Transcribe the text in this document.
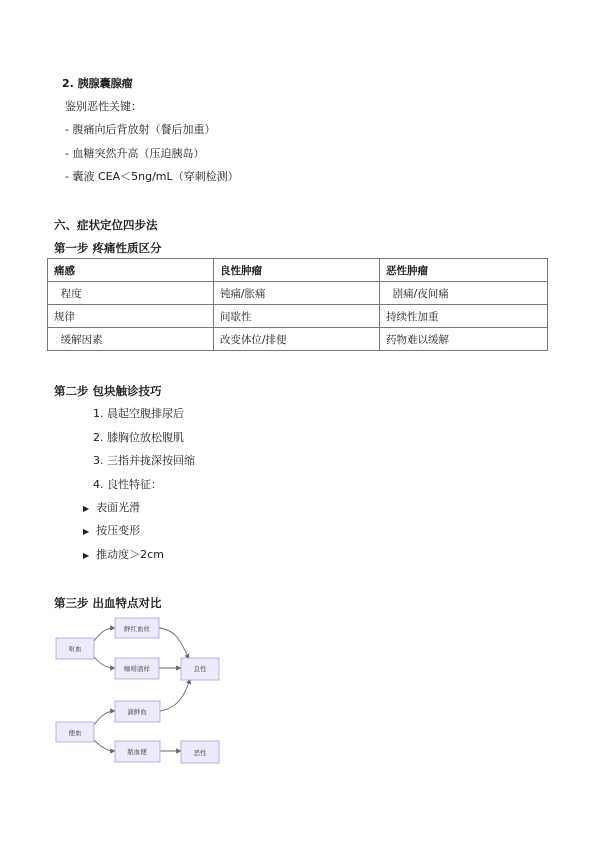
2. 胰腺囊腺瘤
鉴别恶性关键：
- 腹痛向后背放射（餐后加重）
- 血糖突然升高（压迫胰岛）
- 囊液 CEA＜5ng/mL（穿刺检测）
六、症状定位四步法
第一步 疼痛性质区分
痛感	良性肿瘤	恶性肿瘤
程度	钝痛/胀痛	剧痛/夜间痛
规律	间歇性	持续性加重
缓解因素	改变体位/排便	药物难以缓解
第二步 包块触诊技巧
1. 晨起空腹排尿后
2. 膝胸位放松腹肌
3. 三指并拢深按回缩
4. 良性特征：
▶ 表面光滑
▶ 按压变形
▶ 推动度＞2cm
第三步 出血特点对比
呕血
鲜红血丝
咖啡渣样	良性
便血
滴鲜血
脓血便	恶性
